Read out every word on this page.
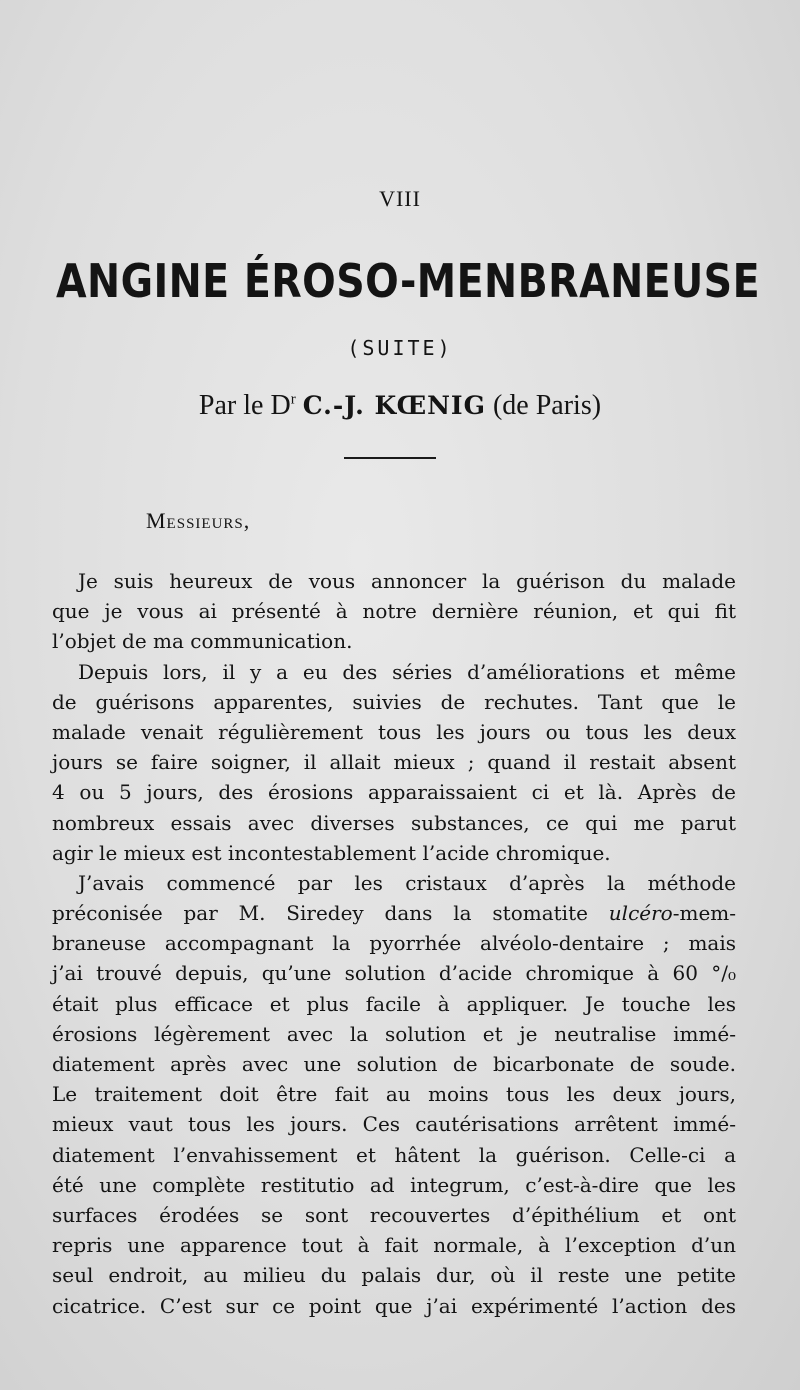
VIII
ANGINE ÉROSO-MENBRANEUSE
(SUITE)
Par le $D^r$ C.-J. KŒNIG (de Paris)
Messieurs,
Je suis heureux de vous annoncer la guérison du malade
que je vous ai présenté à notre dernière réunion, et qui fit
l’objet de ma communication.
Depuis lors, il y a eu des séries d’améliorations et même
de guérisons apparentes, suivies de rechutes. Tant que le
malade venait régulièrement tous les jours ou tous les deux
jours se faire soigner, il allait mieux ; quand il restait absent
4 ou 5 jours, des érosions apparaissaient ci et là. Après de
nombreux essais avec diverses substances, ce qui me parut
agir le mieux est incontestablement l’acide chromique.
J’avais commencé par les cristaux d’après la méthode
préconisée par M. Siredey dans la stomatite ulcéro-mem-
braneuse accompagnant la pyorrhée alvéolo-dentaire ; mais
j’ai trouvé depuis, qu’une solution d’acide chromique à 60 °/₀
était plus efficace et plus facile à appliquer. Je touche les
érosions légèrement avec la solution et je neutralise immé-
diatement après avec une solution de bicarbonate de soude.
Le traitement doit être fait au moins tous les deux jours,
mieux vaut tous les jours. Ces cautérisations arrêtent immé-
diatement l’envahissement et hâtent la guérison. Celle-ci a
été une complète restitutio ad integrum, c’est-à-dire que les
surfaces érodées se sont recouvertes d’épithélium et ont
repris une apparence tout à fait normale, à l’exception d’un
seul endroit, au milieu du palais dur, où il reste une petite
cicatrice. C’est sur ce point que j’ai expérimenté l’action des
